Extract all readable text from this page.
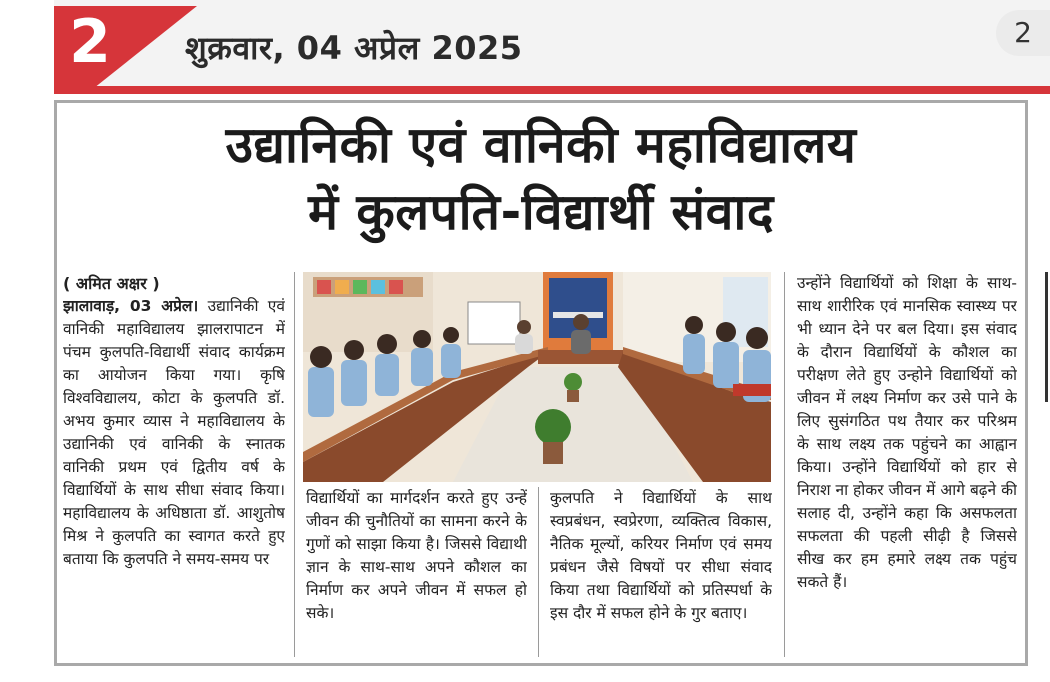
2 शुक्रवार, 04 अप्रेल 2025	2
उद्यानिकी एवं वानिकी महाविद्यालय
में कुलपति-विद्यार्थी संवाद
( अमित अक्षर )
झालावाड़, 03 अप्रेल। उद्यानिकी एवं वानिकी महाविद्यालय झालरापाटन में पंचम कुलपति-विद्यार्थी संवाद कार्यक्रम का आयोजन किया गया। कृषि विश्वविद्यालय, कोटा के कुलपति डॉ. अभय कुमार व्यास ने महाविद्यालय के उद्यानिकी एवं वानिकी के स्नातक वानिकी प्रथम एवं द्वितीय वर्ष के विद्यार्थियों के साथ सीधा संवाद किया। महाविद्यालय के अधिष्ठाता डॉ. आशुतोष मिश्र ने कुलपति का स्वागत करते हुए बताया कि कुलपति ने समय-समय पर
विद्यार्थियों का मार्गदर्शन करते हुए उन्हें जीवन की चुनौतियों का सामना करने के गुणों को साझा किया है। जिससे विद्याथी ज्ञान के साथ-साथ अपने कौशल का निर्माण कर अपने जीवन में सफल हो सके।
कुलपति ने विद्यार्थियों के साथ स्वप्रबंधन, स्वप्रेरणा, व्यक्तित्व विकास, नैतिक मूल्यों, करियर निर्माण एवं समय प्रबंधन जैसे विषयों पर सीधा संवाद किया तथा विद्यार्थियों को प्रतिस्पर्धा के इस दौर में सफल होने के गुर बताए।
उन्होंने विद्यार्थियों को शिक्षा के साथ-साथ शारीरिक एवं मानसिक स्वास्थ्य पर भी ध्यान देने पर बल दिया। इस संवाद के दौरान विद्यार्थियों के कौशल का परीक्षण लेते हुए उन्होने विद्यार्थियों को जीवन में लक्ष्य निर्माण कर उसे पाने के लिए सुसंगठित पथ तैयार कर परिश्रम के साथ लक्ष्य तक पहुंचने का आह्वान किया। उन्होंने विद्यार्थियों को हार से निराश ना होकर जीवन में आगे बढ़ने की सलाह दी, उन्होंने कहा कि असफलता सफलता की पहली सीढ़ी है जिससे सीख कर हम हमारे लक्ष्य तक पहुंच सकते हैं।
